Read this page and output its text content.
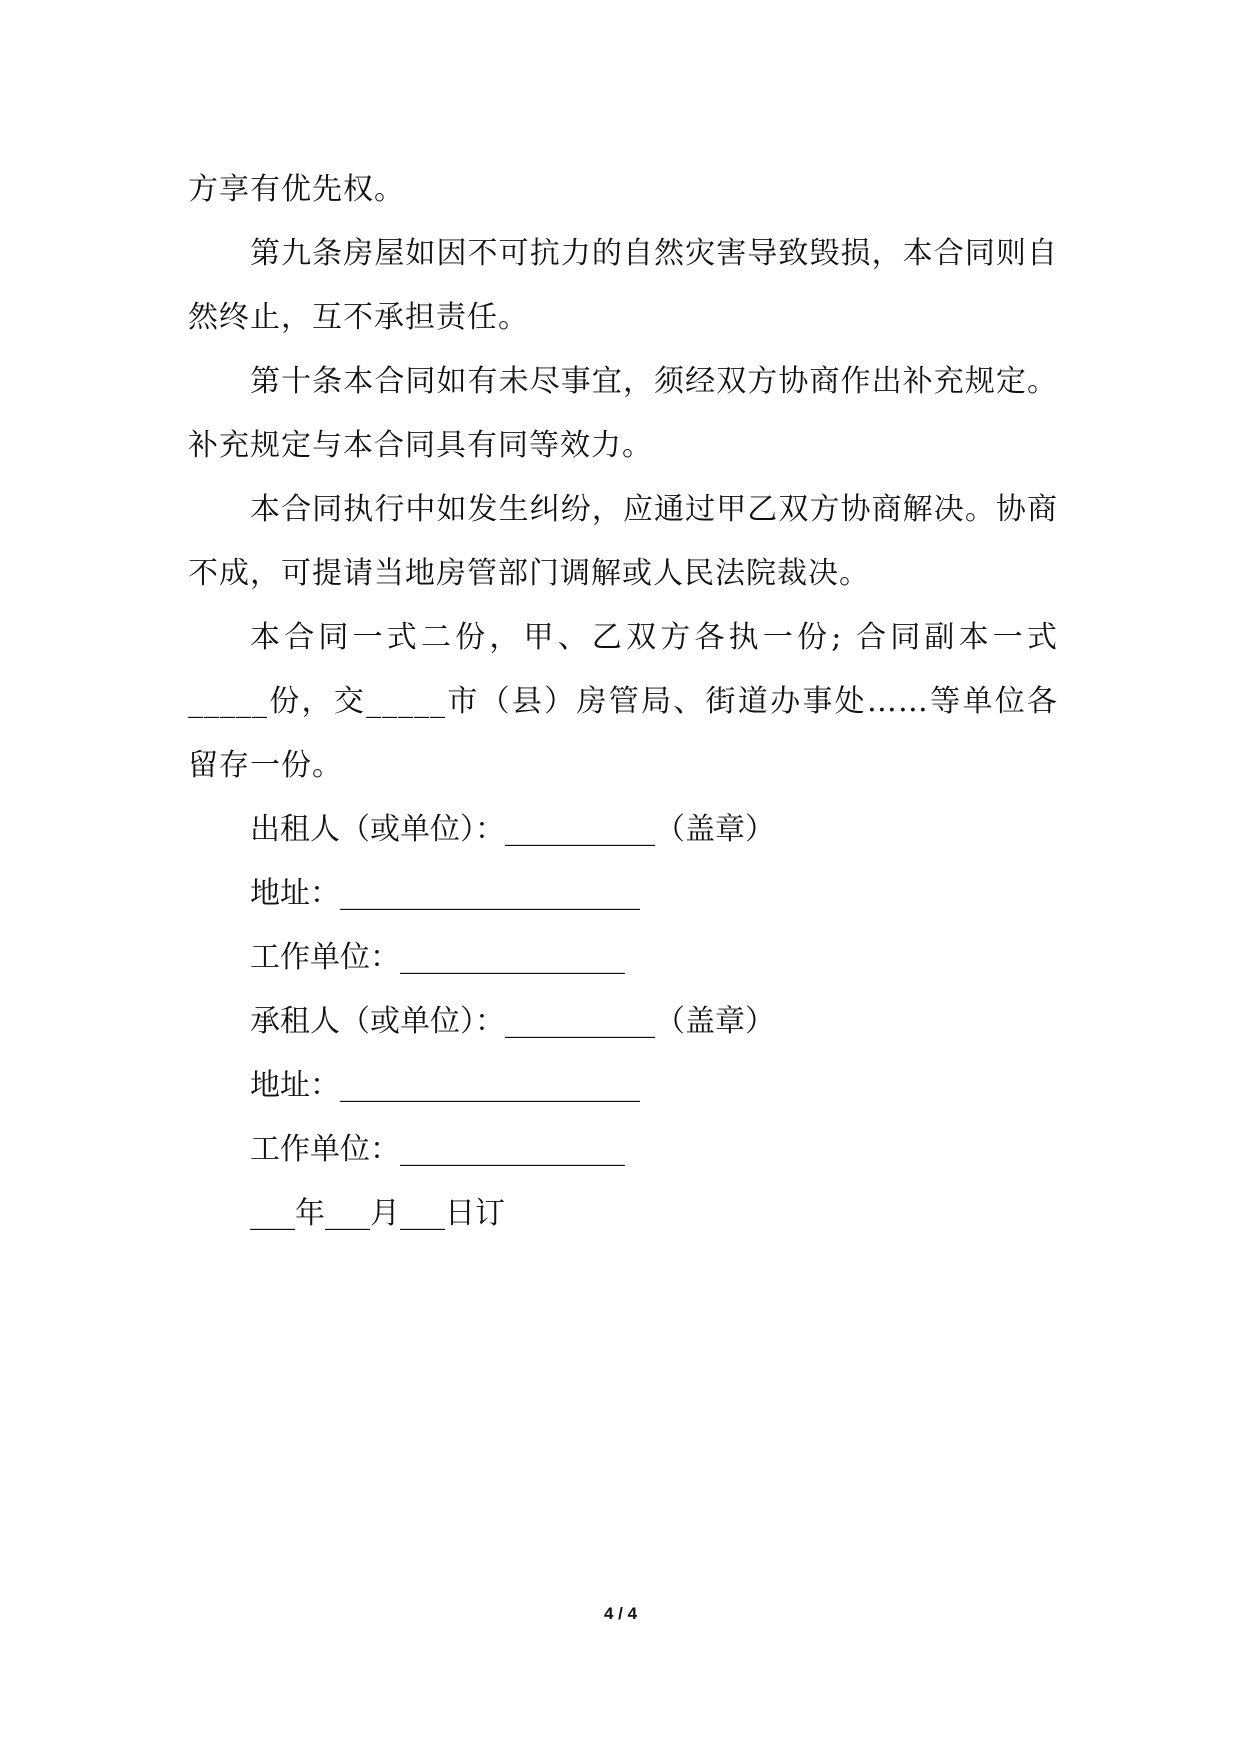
方享有优先权。

第九条房屋如因不可抗力的自然灾害导致毁损，本合同则自然终止，互不承担责任。

第十条本合同如有未尽事宜，须经双方协商作出补充规定。补充规定与本合同具有同等效力。

本合同执行中如发生纠纷，应通过甲乙双方协商解决。协商不成，可提请当地房管部门调解或人民法院裁决。

本合同一式二份，甲、乙双方各执一份; 合同副本一式_____份，交_____市（县）房管局、街道办事处……等单位各留存一份。

出租人（或单位）：__________（盖章）

地址：____________________

工作单位：_______________

承租人（或单位）：__________（盖章）

地址：____________________

工作单位：_______________

___年___月___日订

4 / 4
